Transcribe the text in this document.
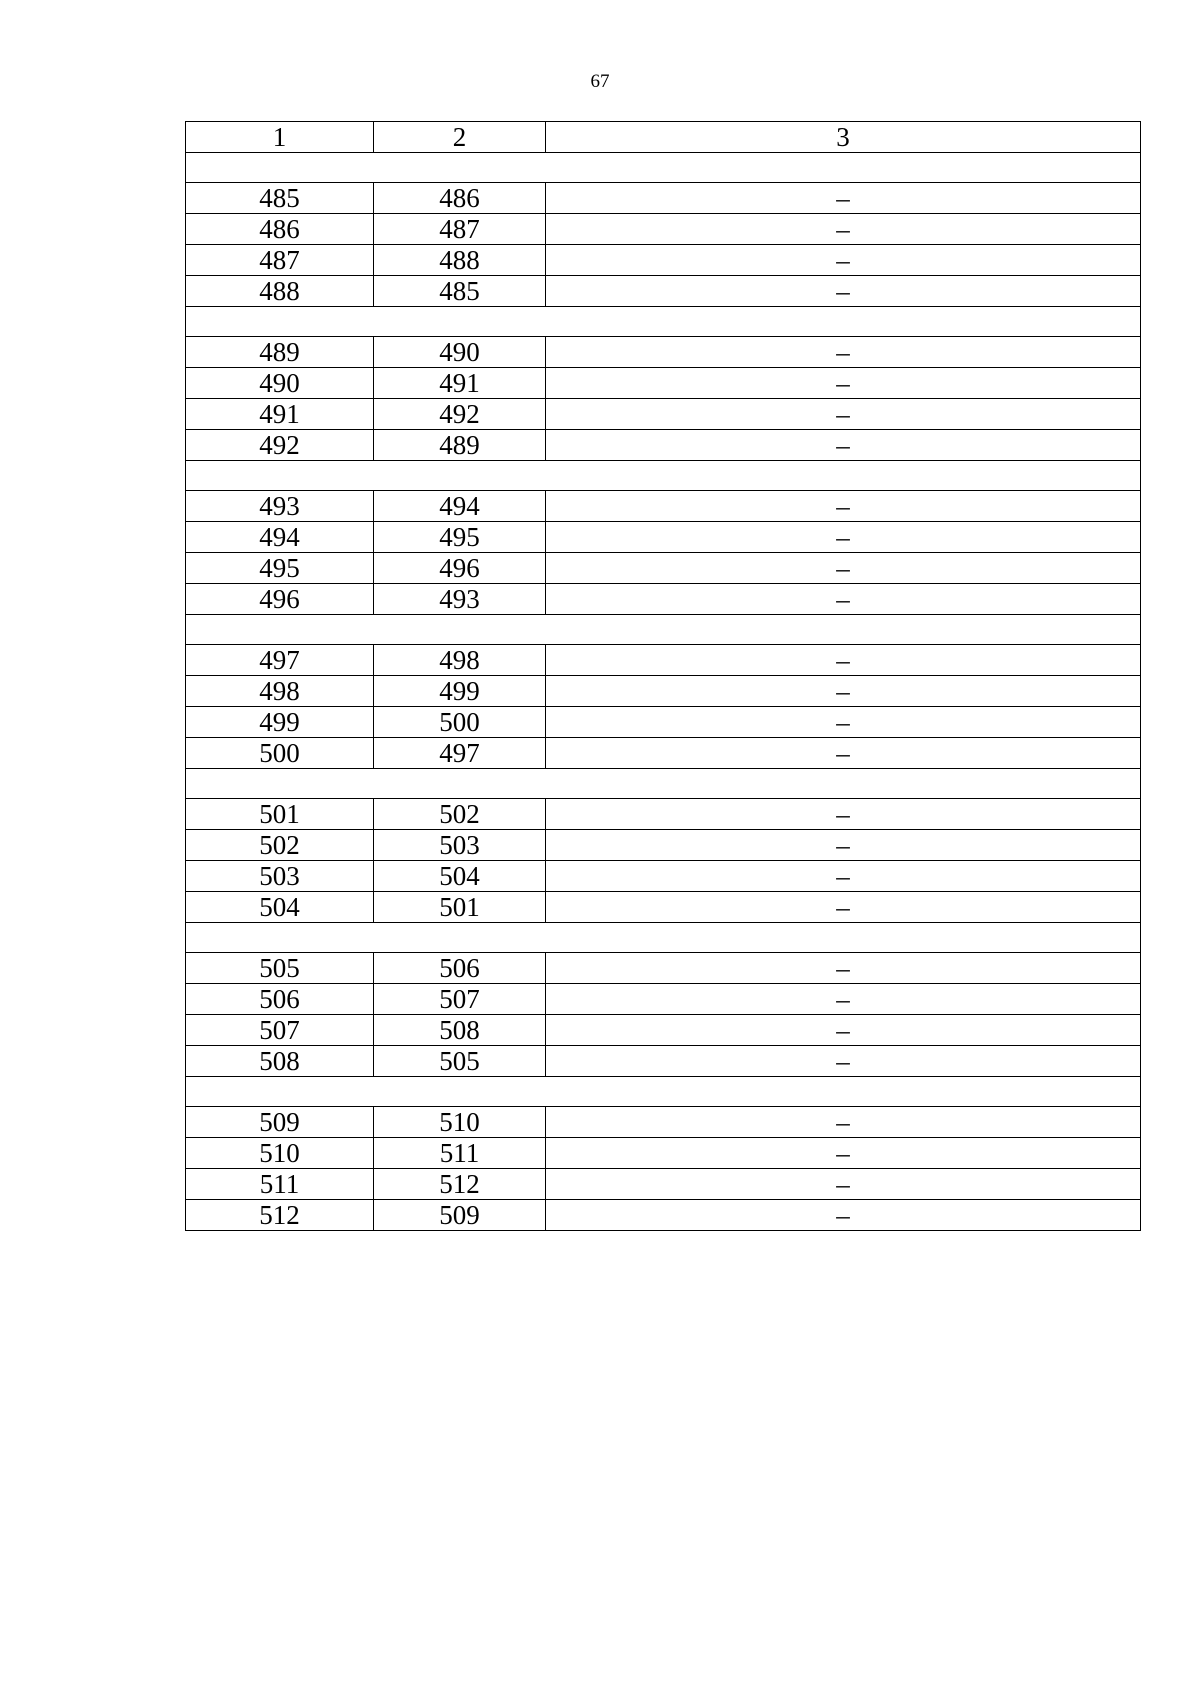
67
1	2	3

485	486	–
486	487	–
487	488	–
488	485	–

489	490	–
490	491	–
491	492	–
492	489	–

493	494	–
494	495	–
495	496	–
496	493	–

497	498	–
498	499	–
499	500	–
500	497	–

501	502	–
502	503	–
503	504	–
504	501	–

505	506	–
506	507	–
507	508	–
508	505	–

509	510	–
510	511	–
511	512	–
512	509	–
